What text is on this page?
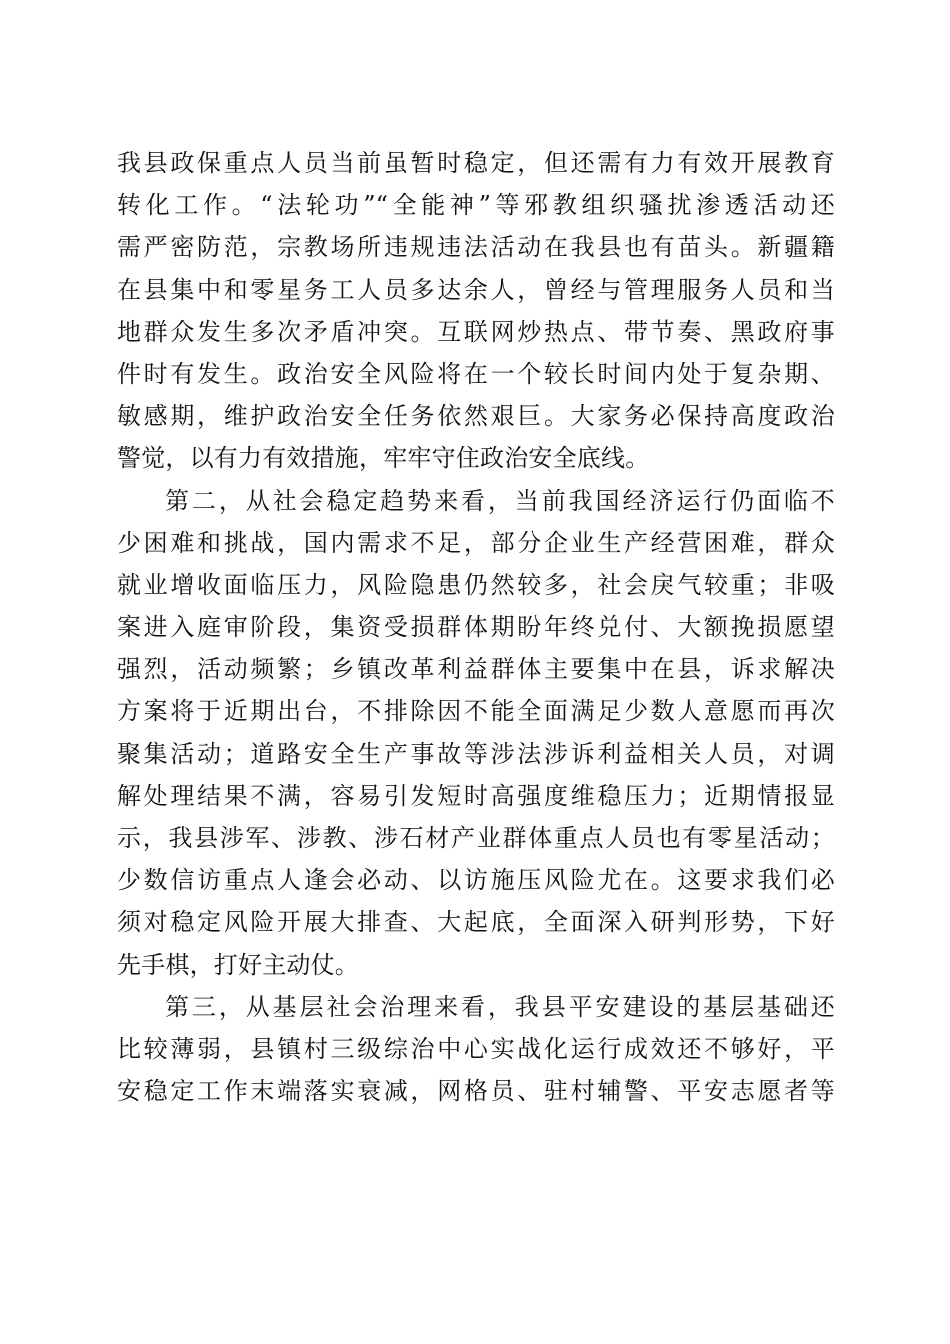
我县政保重点人员当前虽暂时稳定，但还需有力有效开展教育
转化工作。“法轮功”“全能神”等邪教组织骚扰渗透活动还
需严密防范，宗教场所违规违法活动在我县也有苗头。新疆籍
在县集中和零星务工人员多达余人，曾经与管理服务人员和当
地群众发生多次矛盾冲突。互联网炒热点、带节奏、黑政府事
件时有发生。政治安全风险将在一个较长时间内处于复杂期、
敏感期，维护政治安全任务依然艰巨。大家务必保持高度政治
警觉，以有力有效措施，牢牢守住政治安全底线。
第二，从社会稳定趋势来看，当前我国经济运行仍面临不
少困难和挑战，国内需求不足，部分企业生产经营困难，群众
就业增收面临压力，风险隐患仍然较多，社会戾气较重；非吸
案进入庭审阶段，集资受损群体期盼年终兑付、大额挽损愿望
强烈，活动频繁；乡镇改革利益群体主要集中在县，诉求解决
方案将于近期出台，不排除因不能全面满足少数人意愿而再次
聚集活动；道路安全生产事故等涉法涉诉利益相关人员，对调
解处理结果不满，容易引发短时高强度维稳压力；近期情报显
示，我县涉军、涉教、涉石材产业群体重点人员也有零星活动；
少数信访重点人逢会必动、以访施压风险尤在。这要求我们必
须对稳定风险开展大排查、大起底，全面深入研判形势，下好
先手棋，打好主动仗。
第三，从基层社会治理来看，我县平安建设的基层基础还
比较薄弱，县镇村三级综治中心实战化运行成效还不够好，平
安稳定工作末端落实衰减，网格员、驻村辅警、平安志愿者等
